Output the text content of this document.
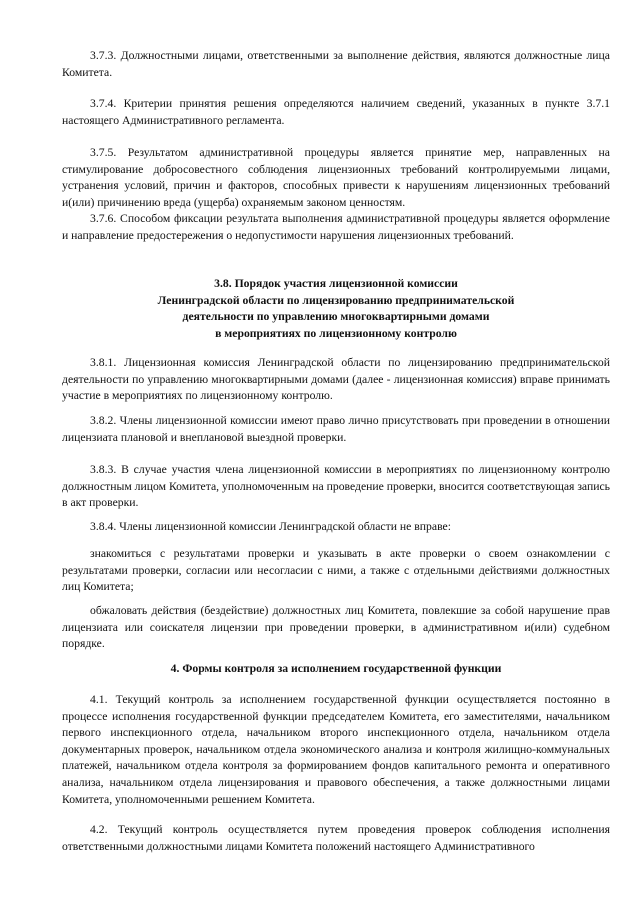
3.7.3. Должностными лицами, ответственными за выполнение действия, являются должностные лица Комитета.

3.7.4. Критерии принятия решения определяются наличием сведений, указанных в пункте 3.7.1 настоящего Административного регламента.

3.7.5. Результатом административной процедуры является принятие мер, направленных на стимулирование добросовестного соблюдения лицензионных требований контролируемыми лицами, устранения условий, причин и факторов, способных привести к нарушениям лицензионных требований и(или) причинению вреда (ущерба) охраняемым законом ценностям.

3.7.6. Способом фиксации результата выполнения административной процедуры является оформление и направление предостережения о недопустимости нарушения лицензионных требований.

3.8. Порядок участия лицензионной комиссии
Ленинградской области по лицензированию предпринимательской
деятельности по управлению многоквартирными домами
в мероприятиях по лицензионному контролю

3.8.1. Лицензионная комиссия Ленинградской области по лицензированию предпринимательской деятельности по управлению многоквартирными домами (далее - лицензионная комиссия) вправе принимать участие в мероприятиях по лицензионному контролю.

3.8.2. Члены лицензионной комиссии имеют право лично присутствовать при проведении в отношении лицензиата плановой и внеплановой выездной проверки.

3.8.3. В случае участия члена лицензионной комиссии в мероприятиях по лицензионному контролю должностным лицом Комитета, уполномоченным на проведение проверки, вносится соответствующая запись в акт проверки.

3.8.4. Члены лицензионной комиссии Ленинградской области не вправе:

знакомиться с результатами проверки и указывать в акте проверки о своем ознакомлении с результатами проверки, согласии или несогласии с ними, а также с отдельными действиями должностных лиц Комитета;

обжаловать действия (бездействие) должностных лиц Комитета, повлекшие за собой нарушение прав лицензиата или соискателя лицензии при проведении проверки, в административном и(или) судебном порядке.

4. Формы контроля за исполнением государственной функции

4.1. Текущий контроль за исполнением государственной функции осуществляется постоянно в процессе исполнения государственной функции председателем Комитета, его заместителями, начальником первого инспекционного отдела, начальником второго инспекционного отдела, начальником отдела документарных проверок, начальником отдела экономического анализа и контроля жилищно-коммунальных платежей, начальником отдела контроля за формированием фондов капитального ремонта и оперативного анализа, начальником отдела лицензирования и правового обеспечения, а также должностными лицами Комитета, уполномоченными решением Комитета.

4.2. Текущий контроль осуществляется путем проведения проверок соблюдения исполнения ответственными должностными лицами Комитета положений настоящего Административного
